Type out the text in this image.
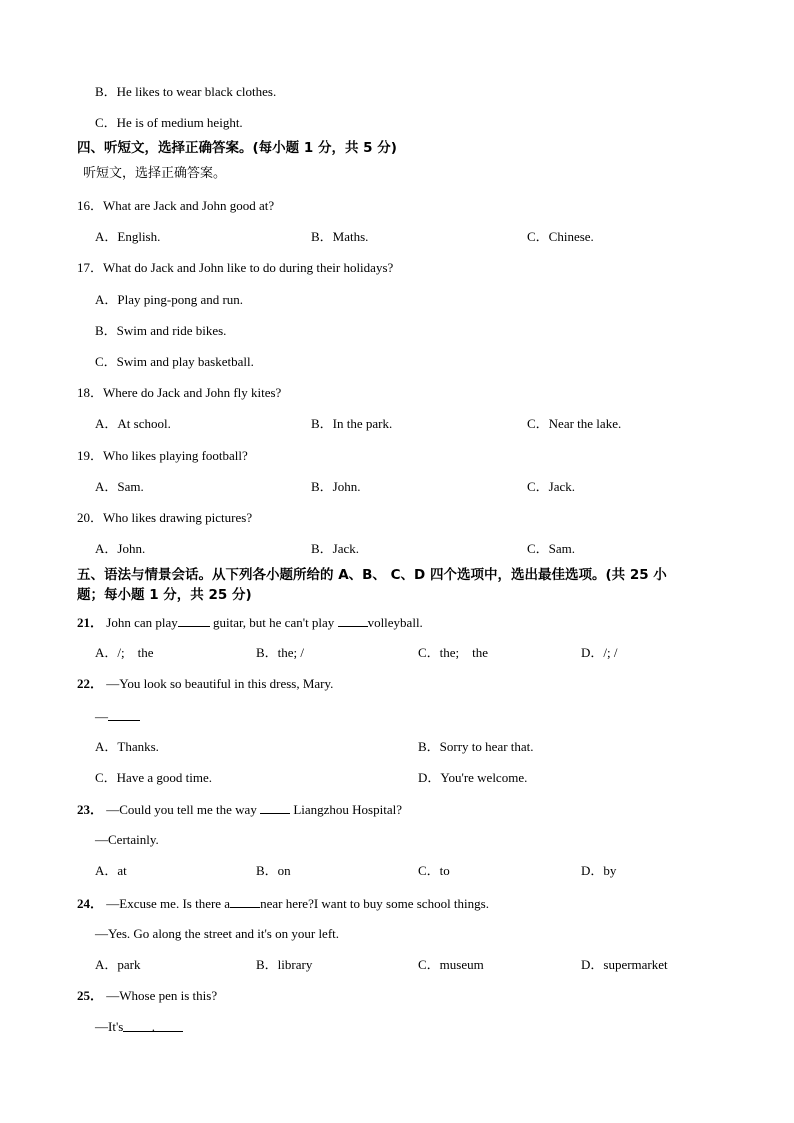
B．He likes to wear black clothes.
C．He is of medium height.
四、听短文，选择正确答案。(每小题 1 分，共 5 分)
听短文，选择正确答案。
16．What are Jack and John good at?
A．English.	B．Maths.	C．Chinese.
17．What do Jack and John like to do during their holidays?
A．Play ping-pong and run.
B．Swim and ride bikes.
C．Swim and play basketball.
18．Where do Jack and John fly kites?
A．At school.	B．In the park.	C．Near the lake.
19．Who likes playing football?
A．Sam.	B．John.	C．Jack.
20．Who likes drawing pictures?
A．John.	B．Jack.	C．Sam.
五、语法与情景会话。从下列各小题所给的 A、B、 C、D 四个选项中，选出最佳选项。(共 25 小
题；每小题 1 分，共 25 分)
21． John can play	guitar, but he can't play	volleyball.
A．/;　the	B．the; /	C．the;　the	D．/; /
22． —You look so beautiful in this dress, Mary.
—
A．Thanks.	B．Sorry to hear that.
C．Have a good time.	D．You're welcome.
23． —Could you tell me the way	Liangzhou Hospital?
—Certainly.
A．at	B．on	C．to	D．by
24． —Excuse me. Is there a near here?I want to buy some school things.
—Yes. Go along the street and it's on your left.
A．park	B．library	C．museum	D．supermarket
25． —Whose pen is this?
—It's .
